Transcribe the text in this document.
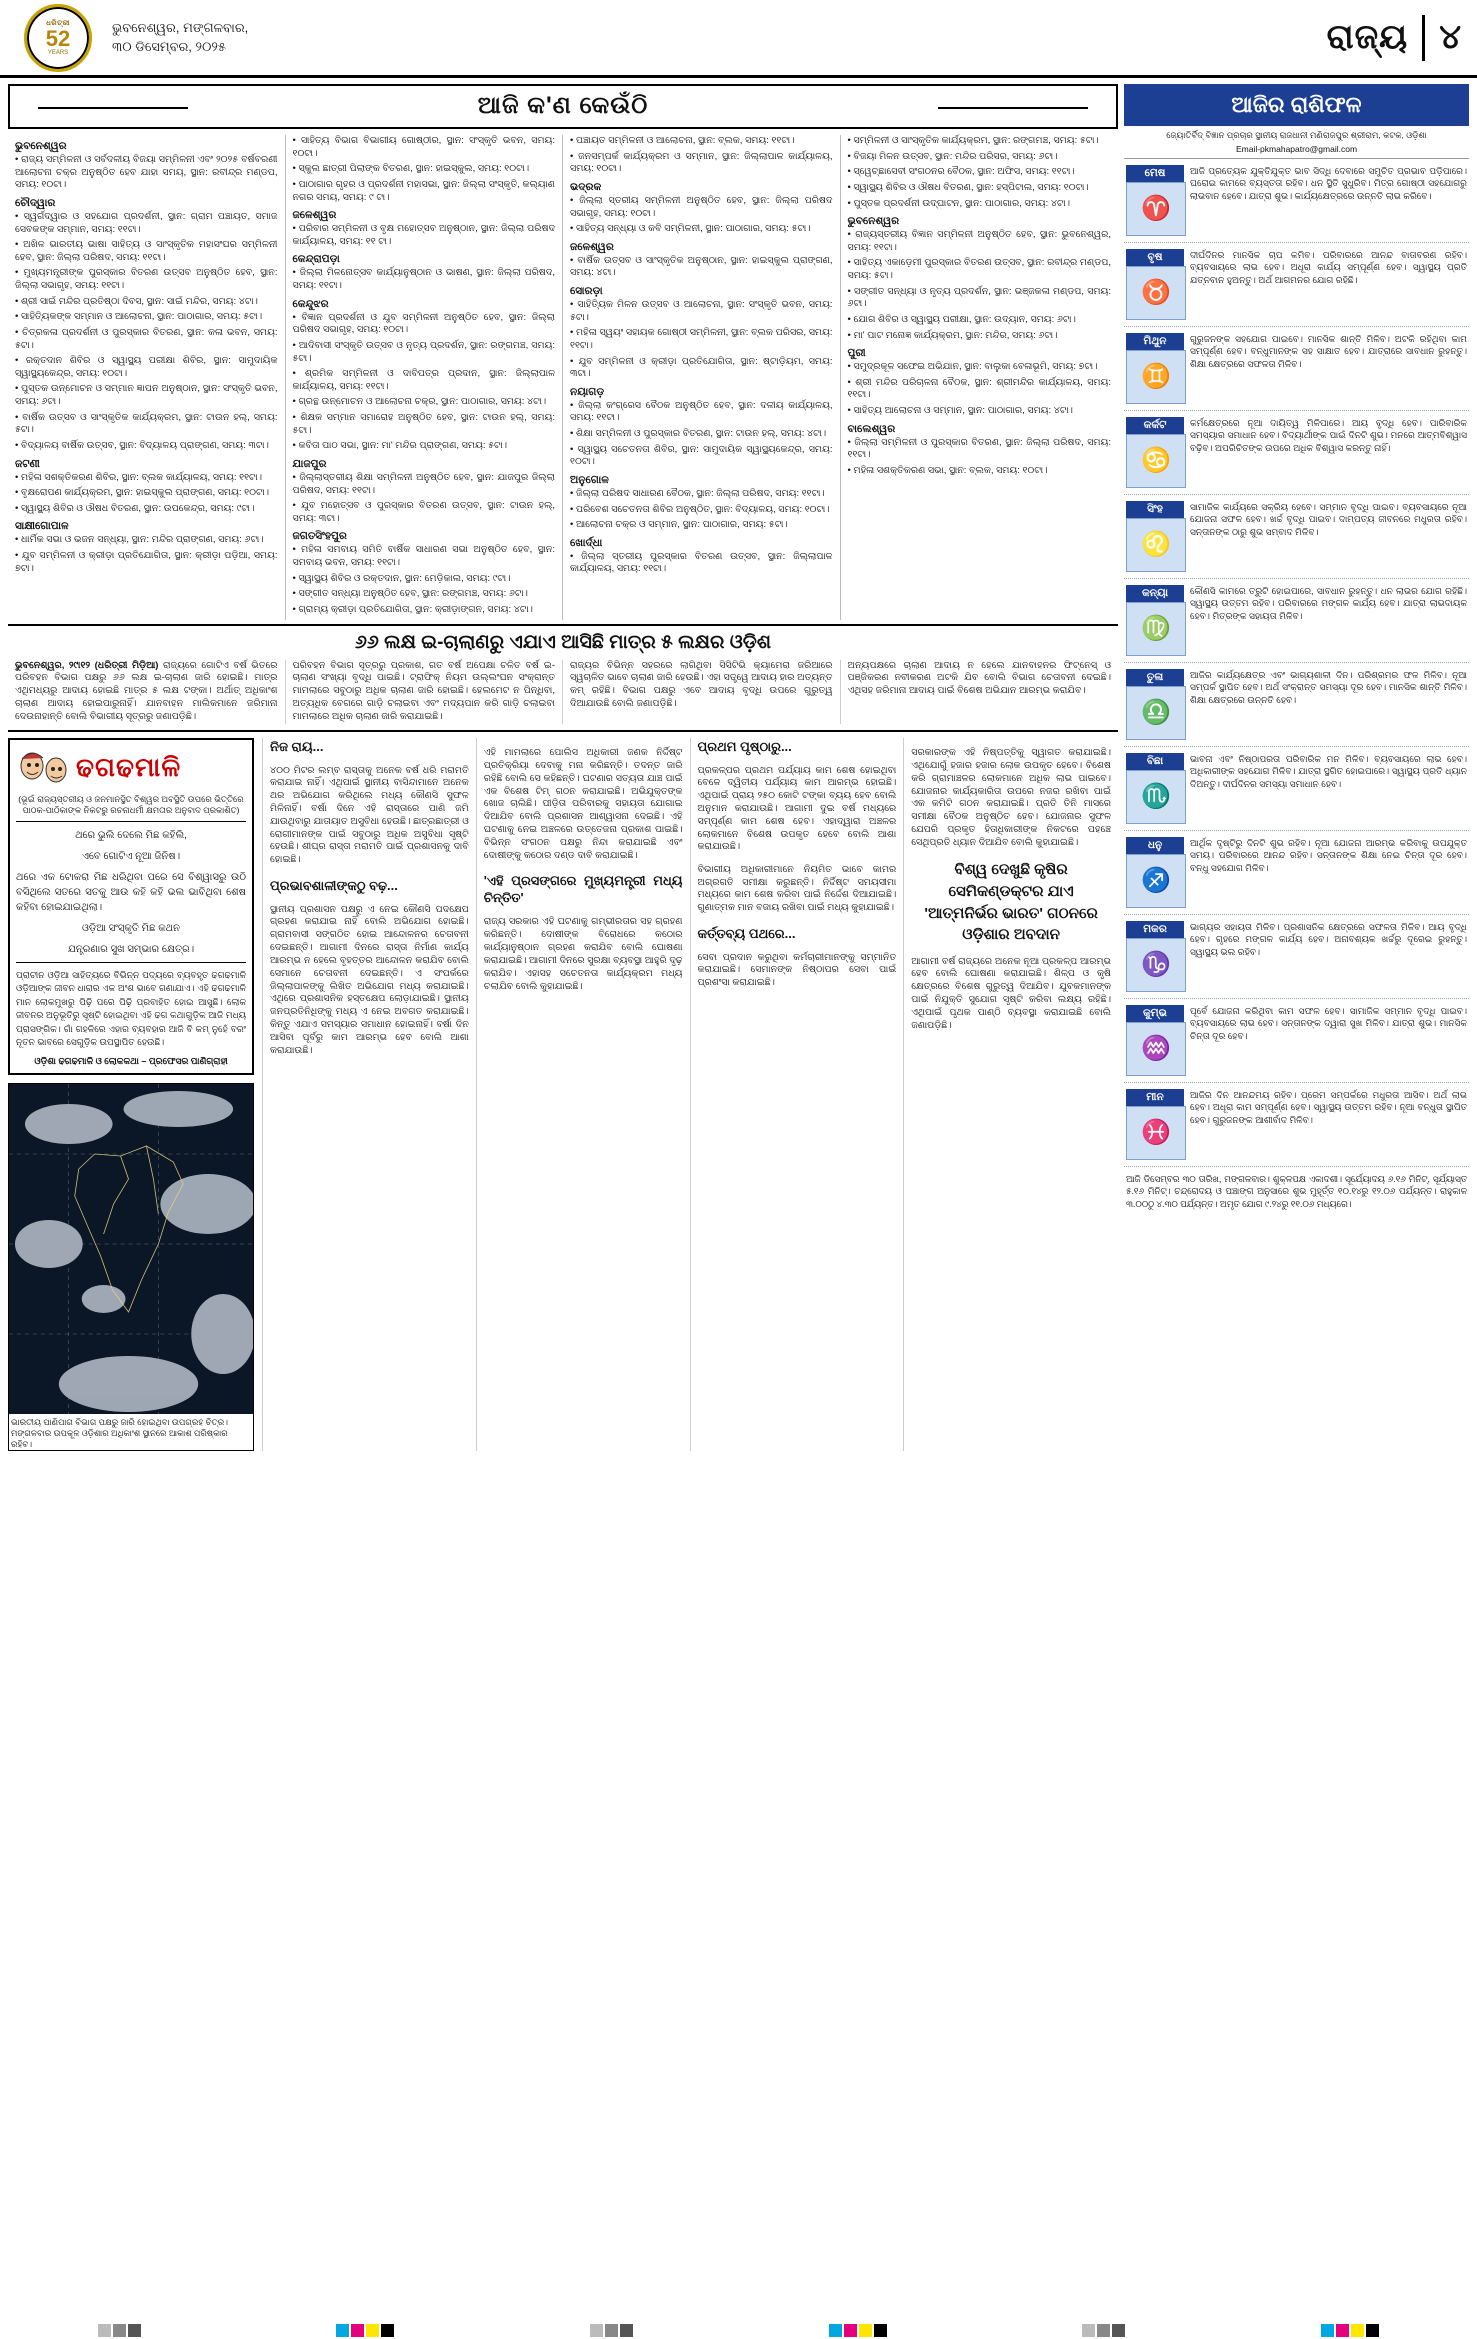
ଧରିତ୍ରୀ
52
YEARS
ଭୁବନେଶ୍ୱର, ମଙ୍ଗଳବାର,
୩୦ ଡିସେମ୍ବର, ୨୦୨୫	ରାଜ୍ୟ ୪
ଆଜି କ'ଣ କେଉଁଠି
ଭୁବନେଶ୍ୱର

• ରାଜ୍ୟ ସମ୍ମିଳନୀ ଓ ସର୍ବଦଳୀୟ ବିଜୟା ସମ୍ମିଳନୀ ଏବଂ ୨୦୨୫ ବର୍ଷବରଣୀ ଆଲୋଚନା ଚକ୍ର ଅନୁଷ୍ଠିତ ହେବ ଯାହା ସମୟ, ସ୍ଥାନ: ରବୀନ୍ଦ୍ର ମଣ୍ଡପ, ସମୟ: ୧୦ଟା।

ଚୌଦ୍ୱାର

• ସ୍ୱର୍ଗଦ୍ୱାର ଓ ସହଯୋଗ ପ୍ରଦର୍ଶନୀ, ସ୍ଥାନ: ଗ୍ରାମ ପଞ୍ଚାୟତ, ସମାଜ ସେବକଙ୍କ ସମ୍ମାନ, ସମୟ: ୧୧ଟା।

• ଅଖିଳ ଭାରତୀୟ ଭାଷା ସାହିତ୍ୟ ଓ ସାଂସ୍କୃତିକ ମହାସଂଘର ସମ୍ମିଳନୀ ହେବ, ସ୍ଥାନ: ଜିଲ୍ଲା ପରିଷଦ, ସମୟ: ୧୧ଟା।

• ମୁଖ୍ୟମନ୍ତ୍ରୀଙ୍କ ପୁରସ୍କାର ବିତରଣ ଉତ୍ସବ ଅନୁଷ୍ଠିତ ହେବ, ସ୍ଥାନ: ଜିଲ୍ଲା ସଭାଗୃହ, ସମୟ: ୧୧ଟା।

• ଶ୍ରୀ ସାଇଁ ମନ୍ଦିର ପ୍ରତିଷ୍ଠା ଦିବସ, ସ୍ଥାନ: ସାଇଁ ମନ୍ଦିର, ସମୟ: ୪ଟା।

• ସାହିତ୍ୟିକଙ୍କ ସମ୍ମାନ ଓ ଆଲୋଚନା, ସ୍ଥାନ: ପାଠାଗାର, ସମୟ: ୫ଟା।

• ଚିତ୍ରକଳା ପ୍ରଦର୍ଶନୀ ଓ ପୁରସ୍କାର ବିତରଣ, ସ୍ଥାନ: କଳା ଭବନ, ସମୟ: ୫ଟା।

• ରକ୍ତଦାନ ଶିବିର ଓ ସ୍ୱାସ୍ଥ୍ୟ ପରୀକ୍ଷା ଶିବିର, ସ୍ଥାନ: ସାମୁଦାୟିକ ସ୍ୱାସ୍ଥ୍ୟକେନ୍ଦ୍ର, ସମୟ: ୧୦ଟା।

• ପୁସ୍ତକ ଉନ୍ମୋଚନ ଓ ସମ୍ମାନ ଜ୍ଞାପନ ଅନୁଷ୍ଠାନ, ସ୍ଥାନ: ସଂସ୍କୃତି ଭବନ, ସମୟ: ୬ଟା।

• ବାର୍ଷିକ ଉତ୍ସବ ଓ ସାଂସ୍କୃତିକ କାର୍ଯ୍ୟକ୍ରମ, ସ୍ଥାନ: ଟାଉନ ହଲ୍, ସମୟ: ୫ଟା।

• ବିଦ୍ୟାଳୟ ବାର୍ଷିକ ଉତ୍ସବ, ସ୍ଥାନ: ବିଦ୍ୟାଳୟ ପ୍ରାଙ୍ଗଣ, ସମୟ: ୩ଟା।

ଜଟଣୀ

• ମହିଳା ସଶକ୍ତିକରଣ ଶିବିର, ସ୍ଥାନ: ବ୍ଲକ କାର୍ଯ୍ୟାଳୟ, ସମୟ: ୧୧ଟା।

• ବୃକ୍ଷରୋପଣ କାର୍ଯ୍ୟକ୍ରମ, ସ୍ଥାନ: ହାଇସ୍କୁଲ ପ୍ରାଙ୍ଗଣ, ସମୟ: ୧୦ଟା।

• ସ୍ୱାସ୍ଥ୍ୟ ଶିବିର ଓ ଔଷଧ ବିତରଣ, ସ୍ଥାନ: ଉପକେନ୍ଦ୍ର, ସମୟ: ୯ଟା।

ସାକ୍ଷୀଗୋପାଳ

• ଧାର୍ମିକ ସଭା ଓ ଭଜନ ସନ୍ଧ୍ୟା, ସ୍ଥାନ: ମନ୍ଦିର ପ୍ରାଙ୍ଗଣ, ସମୟ: ୬ଟା।

• ଯୁବ ସମ୍ମିଳନୀ ଓ କ୍ରୀଡ଼ା ପ୍ରତିଯୋଗିତା, ସ୍ଥାନ: କ୍ରୀଡ଼ା ପଡ଼ିଆ, ସମୟ: ୭ଟା।

• ସାହିତ୍ୟ ବିଭାଗ ବିଭାଗୀୟ ଗୋଷ୍ଠୀର, ସ୍ଥାନ: ସଂସ୍କୃତି ଭବନ, ସମୟ: ୧୦ଟା।

• ସ୍କୁଲ ଛାତ୍ରୀ ପିଲାଙ୍କ ବିତରଣ, ସ୍ଥାନ: ହାଇସ୍କୁଲ, ସମୟ: ୧୦ଟା।

• ପାଠାଗାର ଗୃହର ଓ ପ୍ରଦର୍ଶନୀ ମହାସଭା, ସ୍ଥାନ: ଜିଲ୍ଲା ସଂସ୍କୃତି, କଲ୍ୟାଣ ନଗର ସମୟ, ସମୟ: ୯ ଟା।

ଜଳେଶ୍ୱର

• ପରିବାର ସମ୍ମିଳନୀ ଓ ବୃକ୍ଷ ମହୋତ୍ସବ ଅନୁଷ୍ଠାନ, ସ୍ଥାନ: ଜିଲ୍ଲା ପରିଷଦ କାର୍ଯ୍ୟାଳୟ, ସମୟ: ୧୧ ଟା।

କେନ୍ଦ୍ରାପଡ଼ା

• ଜିଲ୍ଲା ମିଳନୋତ୍ସବ କାର୍ଯ୍ୟାନୁଷ୍ଠାନ ଓ ଭାଷଣ, ସ୍ଥାନ: ଜିଲ୍ଲା ପରିଷଦ, ସମୟ: ୧୧ଟା।

କେନ୍ଦୁଝର

• ବିଜ୍ଞାନ ପ୍ରଦର୍ଶନୀ ଓ ଯୁବ ସମ୍ମିଳନୀ ଅନୁଷ୍ଠିତ ହେବ, ସ୍ଥାନ: ଜିଲ୍ଲା ପରିଷଦ ସଭାଗୃହ, ସମୟ: ୧୦ଟା।

• ଆଦିବାସୀ ସଂସ୍କୃତି ଉତ୍ସବ ଓ ନୃତ୍ୟ ପ୍ରଦର୍ଶନ, ସ୍ଥାନ: ରଙ୍ଗମଞ୍ଚ, ସମୟ: ୫ଟା।

• ଶ୍ରମିକ ସମ୍ମିଳନୀ ଓ ଦାବିପତ୍ର ପ୍ରଦାନ, ସ୍ଥାନ: ଜିଲ୍ଲାପାଳ କାର୍ଯ୍ୟାଳୟ, ସମୟ: ୧୧ଟା।

• ଗ୍ରନ୍ଥ ଉନ୍ମୋଚନ ଓ ଆଲୋଚନା ଚକ୍ର, ସ୍ଥାନ: ପାଠାଗାର, ସମୟ: ୪ଟା।

• ଶିକ୍ଷକ ସମ୍ମାନ ସମାରୋହ ଅନୁଷ୍ଠିତ ହେବ, ସ୍ଥାନ: ଟାଉନ ହଲ୍, ସମୟ: ୫ଟା।

• କବିତା ପାଠ ସଭା, ସ୍ଥାନ: ମା' ମନ୍ଦିର ପ୍ରାଙ୍ଗଣ, ସମୟ: ୫ଟା।

ଯାଜପୁର

• ଜିଲ୍ଲାସ୍ତରୀୟ ଶିକ୍ଷା ସମ୍ମିଳନୀ ଅନୁଷ୍ଠିତ ହେବ, ସ୍ଥାନ: ଯାଜପୁର ଜିଲ୍ଲା ପରିଷଦ, ସମୟ: ୧୧ଟା।

• ଯୁବ ମହୋତ୍ସବ ଓ ପୁରସ୍କାର ବିତରଣ ଉତ୍ସବ, ସ୍ଥାନ: ଟାଉନ ହଲ୍, ସମୟ: ୩ଟା।

ଜଗତସିଂହପୁର

• ମହିଳା ସମବାୟ ସମିତି ବାର୍ଷିକ ସାଧାରଣ ସଭା ଅନୁଷ୍ଠିତ ହେବ, ସ୍ଥାନ: ସମବାୟ ଭବନ, ସମୟ: ୧୧ଟା।

• ସ୍ୱାସ୍ଥ୍ୟ ଶିବିର ଓ ରକ୍ତଦାନ, ସ୍ଥାନ: ମେଡ଼ିକାଲ, ସମୟ: ୯ଟା।

• ସଙ୍ଗୀତ ସନ୍ଧ୍ୟା ଅନୁଷ୍ଠିତ ହେବ, ସ୍ଥାନ: ରଙ୍ଗମଞ୍ଚ, ସମୟ: ୬ଟା।

• ଗ୍ରାମ୍ୟ କ୍ରୀଡ଼ା ପ୍ରତିଯୋଗିତା, ସ୍ଥାନ: କ୍ରୀଡ଼ାଙ୍ଗନ, ସମୟ: ୪ଟା।

• ପଞ୍ଚାୟତ ସମ୍ମିଳନୀ ଓ ଆଲୋଚନା, ସ୍ଥାନ: ବ୍ଲକ, ସମୟ: ୧୧ଟା।

• ଜନସମ୍ପର୍କ କାର୍ଯ୍ୟକ୍ରମ ଓ ସମ୍ମାନ, ସ୍ଥାନ: ଜିଲ୍ଲାପାଳ କାର୍ଯ୍ୟାଳୟ, ସମୟ: ୧୦ଟା।

ଭଦ୍ରକ

• ଜିଲ୍ଲା ସ୍ତରୀୟ ସମ୍ମିଳନୀ ଅନୁଷ୍ଠିତ ହେବ, ସ୍ଥାନ: ଜିଲ୍ଲା ପରିଷଦ ସଭାଗୃହ, ସମୟ: ୧୦ଟା।

• ସାହିତ୍ୟ ସନ୍ଧ୍ୟା ଓ କବି ସମ୍ମିଳନୀ, ସ୍ଥାନ: ପାଠାଗାର, ସମୟ: ୫ଟା।

ଜଳେଶ୍ୱର

• ବାର୍ଷିକ ଉତ୍ସବ ଓ ସାଂସ୍କୃତିକ ଅନୁଷ୍ଠାନ, ସ୍ଥାନ: ହାଇସ୍କୁଲ ପ୍ରାଙ୍ଗଣ, ସମୟ: ୪ଟା।

ସୋରଡ଼ା

• ସାହିତ୍ୟିକ ମିଳନ ଉତ୍ସବ ଓ ଆଲୋଚନା, ସ୍ଥାନ: ସଂସ୍କୃତି ଭବନ, ସମୟ: ୫ଟା।

• ମହିଳା ସ୍ୱୟଂ ସହାୟକ ଗୋଷ୍ଠୀ ସମ୍ମିଳନୀ, ସ୍ଥାନ: ବ୍ଲକ ପରିସର, ସମୟ: ୧୧ଟା।

• ଯୁବ ସମ୍ମିଳନୀ ଓ କ୍ରୀଡ଼ା ପ୍ରତିଯୋଗିତା, ସ୍ଥାନ: ଷ୍ଟାଡ଼ିୟମ, ସମୟ: ୩ଟା।

ନୟାଗଡ଼

• ଜିଲ୍ଲା କଂଗ୍ରେସ ବୈଠକ ଅନୁଷ୍ଠିତ ହେବ, ସ୍ଥାନ: ଦଳୀୟ କାର୍ଯ୍ୟାଳୟ, ସମୟ: ୧୧ଟା।

• ଶିକ୍ଷା ସମ୍ମିଳନୀ ଓ ପୁରସ୍କାର ବିତରଣ, ସ୍ଥାନ: ଟାଉନ ହଲ୍, ସମୟ: ୪ଟା।

• ସ୍ୱାସ୍ଥ୍ୟ ସଚେତନତା ଶିବିର, ସ୍ଥାନ: ସାମୁଦାୟିକ ସ୍ୱାସ୍ଥ୍ୟକେନ୍ଦ୍ର, ସମୟ: ୧୦ଟା।

ଅନୁଗୋଳ

• ଜିଲ୍ଲା ପରିଷଦ ସାଧାରଣ ବୈଠକ, ସ୍ଥାନ: ଜିଲ୍ଲା ପରିଷଦ, ସମୟ: ୧୧ଟା।

• ପରିବେଶ ସଚେତନତା ଶିବିର ଅନୁଷ୍ଠିତ, ସ୍ଥାନ: ବିଦ୍ୟାଳୟ, ସମୟ: ୧୦ଟା।

• ଆଲୋଚନା ଚକ୍ର ଓ ସମ୍ମାନ, ସ୍ଥାନ: ପାଠାଗାର, ସମୟ: ୫ଟା।

ଖୋର୍ଦ୍ଧା

• ଜିଲ୍ଲା ସ୍ତରୀୟ ପୁରସ୍କାର ବିତରଣ ଉତ୍ସବ, ସ୍ଥାନ: ଜିଲ୍ଲାପାଳ କାର୍ଯ୍ୟାଳୟ, ସମୟ: ୧୧ଟା।

• ସମ୍ମିଳନୀ ଓ ସାଂସ୍କୃତିକ କାର୍ଯ୍ୟକ୍ରମ, ସ୍ଥାନ: ରଙ୍ଗମଞ୍ଚ, ସମୟ: ୫ଟା।

• ବିଜୟା ମିଳନ ଉତ୍ସବ, ସ୍ଥାନ: ମନ୍ଦିର ପରିସର, ସମୟ: ୬ଟା।

• ସ୍ୱେଚ୍ଛାସେବୀ ସଂଗଠନର ବୈଠକ, ସ୍ଥାନ: ଅଫିସ, ସମୟ: ୧୧ଟା।

• ସ୍ୱାସ୍ଥ୍ୟ ଶିବିର ଓ ଔଷଧ ବିତରଣ, ସ୍ଥାନ: ହସ୍ପିଟାଲ, ସମୟ: ୧୦ଟା।

• ପୁସ୍ତକ ପ୍ରଦର୍ଶନୀ ଉଦ୍‌ଘାଟନ, ସ୍ଥାନ: ପାଠାଗାର, ସମୟ: ୪ଟା।

ଭୁବନେଶ୍ୱର

• ରାଜ୍ୟସ୍ତରୀୟ ବିଜ୍ଞାନ ସମ୍ମିଳନୀ ଅନୁଷ୍ଠିତ ହେବ, ସ୍ଥାନ: ଭୁବନେଶ୍ୱର, ସମୟ: ୧୧ଟା।

• ସାହିତ୍ୟ ଏକାଡ଼େମୀ ପୁରସ୍କାର ବିତରଣ ଉତ୍ସବ, ସ୍ଥାନ: ରବୀନ୍ଦ୍ର ମଣ୍ଡପ, ସମୟ: ୫ଟା।

• ସଙ୍ଗୀତ ସନ୍ଧ୍ୟା ଓ ନୃତ୍ୟ ପ୍ରଦର୍ଶନ, ସ୍ଥାନ: ଭଞ୍ଜକଳା ମଣ୍ଡପ, ସମୟ: ୬ଟା।

• ଯୋଗ ଶିବିର ଓ ସ୍ୱାସ୍ଥ୍ୟ ପରୀକ୍ଷା, ସ୍ଥାନ: ଉଦ୍ୟାନ, ସମୟ: ୬ଟା।

• ମା' ପାଟ ମନୋଜ୍ଞ କାର୍ଯ୍ୟକ୍ରମ, ସ୍ଥାନ: ମନ୍ଦିର, ସମୟ: ୬ଟା।

ପୁରୀ

• ସମୁଦ୍ରକୂଳ ସଫେଇ ଅଭିଯାନ, ସ୍ଥାନ: ବାଲୁକା ବେଳାଭୂମି, ସମୟ: ୭ଟା।

• ଶ୍ରୀ ମନ୍ଦିର ପରିଚାଳନା ବୈଠକ, ସ୍ଥାନ: ଶ୍ରୀମନ୍ଦିର କାର୍ଯ୍ୟାଳୟ, ସମୟ: ୧୧ଟା।

• ସାହିତ୍ୟ ଆଲୋଚନା ଓ ସମ୍ମାନ, ସ୍ଥାନ: ପାଠାଗାର, ସମୟ: ୪ଟା।

ବାଲେଶ୍ୱର

• ଜିଲ୍ଲା ସମ୍ମିଳନୀ ଓ ପୁରସ୍କାର ବିତରଣ, ସ୍ଥାନ: ଜିଲ୍ଲା ପରିଷଦ, ସମୟ: ୧୧ଟା।

• ମହିଳା ସଶକ୍ତିକରଣ ସଭା, ସ୍ଥାନ: ବ୍ଲକ, ସମୟ: ୧୦ଟା।

୬୬ ଲକ୍ଷ ଇ-ଚାଲାଣରୁ ଏଯାଏ ଆସିଛି ମାତ୍ର ୫ ଲକ୍ଷର ଓଡ଼ିଶ
ଭୁବନେଶ୍ୱର, ୨୯ା୧୨ (ଧରିତ୍ରୀ ମିଡ଼ିଆ) ରାଜ୍ୟରେ ଗୋଟିଏ ବର୍ଷ ଭିତରେ ପରିବହନ ବିଭାଗ ପକ୍ଷରୁ ୬୬ ଲକ୍ଷ ଇ-ଚାଲାଣ ଜାରି ହୋଇଛି। ମାତ୍ର ଏଥିମଧ୍ୟରୁ ଆଦାୟ ହୋଇଛି ମାତ୍ର ୫ ଲକ୍ଷ ଟଙ୍କା। ଅର୍ଥାତ୍ ଅଧିକାଂଶ ଚାଲାଣ ଆଦାୟ ହୋଇପାରୁନାହିଁ। ଯାନବାହନ ମାଲିକମାନେ ଜରିମାନା ଦେଉନାହାନ୍ତି ବୋଲି ବିଭାଗୀୟ ସୂତ୍ରରୁ ଜଣାପଡ଼ିଛି।
ପରିବହନ ବିଭାଗ ସୂତ୍ରରୁ ପ୍ରକାଶ, ଗତ ବର୍ଷ ଅପେକ୍ଷା ଚଳିତ ବର୍ଷ ଇ-ଚାଲାଣ ସଂଖ୍ୟା ବୃଦ୍ଧି ପାଇଛି। ଟ୍ରାଫିକ୍ ନିୟମ ଉଲ୍ଲଂଘନ ସଂକ୍ରାନ୍ତ ମାମଲାରେ ସବୁଠାରୁ ଅଧିକ ଚାଲାଣ ଜାରି ହୋଇଛି। ହେଲମେଟ ନ ପିନ୍ଧିବା, ଅତ୍ୟଧିକ ବେଗରେ ଗାଡ଼ି ଚଲାଇବା ଏବଂ ମଦ୍ୟପାନ କରି ଗାଡ଼ି ଚଲାଇବା ମାମଲାରେ ଅଧିକ ଚାଲାଣ ଜାରି କରାଯାଇଛି।
ରାଜ୍ୟର ବିଭିନ୍ନ ସହରରେ ଲାଗିଥିବା ସିସିଟିଭି କ୍ୟାମେରା ଜରିଆରେ ସ୍ୱଚାଳିତ ଭାବେ ଚାଲାଣ ଜାରି ହେଉଛି। ଏହା ସତ୍ତ୍ୱେ ଆଦାୟ ହାର ଅତ୍ୟନ୍ତ କମ୍ ରହିଛି। ବିଭାଗ ପକ୍ଷରୁ ଏବେ ଆଦାୟ ବୃଦ୍ଧି ଉପରେ ଗୁରୁତ୍ୱ ଦିଆଯାଉଛି ବୋଲି ଜଣାପଡ଼ିଛି।
ଅନ୍ୟପକ୍ଷରେ ଚାଲାଣ ଆଦାୟ ନ ହେଲେ ଯାନବାହନର ଫିଟ୍‌ନେସ୍ ଓ ପଞ୍ଜିକରଣ ନବୀକରଣ ଅଟକି ଯିବ ବୋଲି ବିଭାଗ ଚେତାବନୀ ଦେଇଛି। ଏଥିସହ ଜରିମାନା ଆଦାୟ ପାଇଁ ବିଶେଷ ଅଭିଯାନ ଆରମ୍ଭ କରାଯିବ।
ଢଗଢମାଳି
(ଭୂଇଁ ରାଜ୍ୟସ୍ତରୀୟ ଓ ଜନମାନସ୍ଥିତ ବିଶ୍ୱର ଅବସ୍ଥିତି ଉପରେ ଭିତ୍ତିରେ ପାଠକ-ପାଠିକାଙ୍କ ନିକଟରୁ ରଚନାଧର୍ମୀ କ୍ଷମତାର ଅନୁବାଦ ପ୍ରକାଶିତ)
ଥରେ ଭୁଲି ଦେଲେ ମିଛ କହିଲି,
ଏବେ ଗୋଟିଏ ନୂଆ ଜିନିଷ।
ଥରେ ଏକ ଟୋକରା ମିଛ ଧରିଥିବା ପରେ ସେ ବିଶ୍ୱାସରୁ ଉଠି ବସିଥିଲେ ସତରେ ସତକୁ ଆଉ କହି କହି ଭଲ ଭାବିଥିବା ଶେଷ କହିବା ହୋଇଯାଇଥିଲା।
ଓଡ଼ିଆ ସଂସ୍କୃତି ମିଛ କଥନ
ଯନ୍ତ୍ରଣାର ସୁଖ ସମ୍ଭାର କ୍ଷେତ୍ର।
ପ୍ରାଚୀନ ଓଡ଼ିଆ ସାହିତ୍ୟରେ ବିଭିନ୍ନ ପଦ୍ୟରେ ବ୍ୟବହୃତ ଢଗଢମାଳି ଓଡ଼ିଆଙ୍କ ଜୀବନ ଧାରାର ଏକ ଅଂଶ ଭାବେ ଗଣାଯାଏ। ଏହି ଢଗଢମାଳି ମାନ ଲୋକମୁଖରୁ ପିଢ଼ି ପରେ ପିଢ଼ି ପ୍ରବାହିତ ହୋଇ ଆସୁଛି। ଲୋକ ଜୀବନର ଅନୁଭୂତିରୁ ସୃଷ୍ଟି ହୋଇଥିବା ଏହି ଢଗ କଥାଗୁଡ଼ିକ ଆଜି ମଧ୍ୟ ପ୍ରାସଙ୍ଗିକ। ଗାଁ ଗହଳିରେ ଏହାର ବ୍ୟବହାର ଆଜି ବି କମ୍ ନୁହେଁ ବରଂ ନୂତନ ଭାବରେ ସେଗୁଡ଼ିକ ଉପସ୍ଥାପିତ ହେଉଛି।
ଓଡ଼ିଶା ଢଗଢମାଳି ଓ ଲୋକକଥା – ପ୍ରଫେସର ପାଣିଗ୍ରାହୀ
ଭାରତୀୟ ପାଣିପାଗ ବିଭାଗ ପକ୍ଷରୁ ଜାରି ହୋଇଥିବା ଉପଗ୍ରହ ଚିତ୍ର। ମଙ୍ଗଳବାର ଉପକୂଳ ଓଡ଼ିଶାର ଅଧିକାଂଶ ସ୍ଥାନରେ ଆକାଶ ପରିଷ୍କାର ରହିବ।
ନିଜ ରାୟ...

୪୦୦ ମିଟର ଲମ୍ବ ରାସ୍ତାକୁ ଅନେକ ବର୍ଷ ଧରି ମରାମତି କରାଯାଇ ନାହିଁ। ଏଥିପାଇଁ ସ୍ଥାନୀୟ ବାସିନ୍ଦାମାନେ ଅନେକ ଥର ଅଭିଯୋଗ କରିଥିଲେ ମଧ୍ୟ କୌଣସି ସୁଫଳ ମିଳିନାହିଁ। ବର୍ଷା ଦିନେ ଏହି ରାସ୍ତାରେ ପାଣି ଜମି ଯାଉଥିବାରୁ ଯାତାୟାତ ଅସୁବିଧା ହେଉଛି। ଛାତ୍ରଛାତ୍ରୀ ଓ ରୋଗୀମାନଙ୍କ ପାଇଁ ସବୁଠାରୁ ଅଧିକ ଅସୁବିଧା ସୃଷ୍ଟି ହେଉଛି। ଶୀଘ୍ର ରାସ୍ତା ମରାମତି ପାଇଁ ପ୍ରଶାସନକୁ ଦାବି ହୋଇଛି।

ପ୍ରଭାବଶାଳୀଙ୍କଠୁ ବଢ଼...

ସ୍ଥାନୀୟ ପ୍ରଶାସନ ପକ୍ଷରୁ ଏ ନେଇ କୌଣସି ପଦକ୍ଷେପ ଗ୍ରହଣ କରାଯାଇ ନାହିଁ ବୋଲି ଅଭିଯୋଗ ହୋଇଛି। ଗ୍ରାମବାସୀ ସଙ୍ଗଠିତ ହୋଇ ଆନ୍ଦୋଳନର ଚେତାବନୀ ଦେଇଛନ୍ତି। ଆଗାମୀ ଦିନରେ ରାସ୍ତା ନିର୍ମାଣ କାର୍ଯ୍ୟ ଆରମ୍ଭ ନ ହେଲେ ବୃହତ୍ତର ଆନ୍ଦୋଳନ କରାଯିବ ବୋଲି ସେମାନେ ଚେତାବନୀ ଦେଇଛନ୍ତି। ଏ ସଂପର୍କରେ ଜିଲ୍ଲାପାଳଙ୍କୁ ଲିଖିତ ଅଭିଯୋଗ ମଧ୍ୟ କରାଯାଇଛି। ଏଥିରେ ପ୍ରଶାସନିକ ହସ୍ତକ୍ଷେପ ଲୋଡ଼ାଯାଇଛି। ସ୍ଥାନୀୟ ଜନପ୍ରତିନିଧିଙ୍କୁ ମଧ୍ୟ ଏ ନେଇ ଅବଗତ କରାଯାଇଛି। କିନ୍ତୁ ଏଯାଏ ସମସ୍ୟାର ସମାଧାନ ହୋଇନାହିଁ। ବର୍ଷା ଦିନ ଆସିବା ପୂର୍ବରୁ କାମ ଆରମ୍ଭ ହେବ ବୋଲି ଆଶା କରାଯାଉଛି।

ଏହି ମାମଲାରେ ପୋଲିସ ଅଧିକାରୀ ଜଣକ ନିର୍ଦ୍ଦିଷ୍ଟ ପ୍ରତିକ୍ରିୟା ଦେବାକୁ ମନା କରିଛନ୍ତି। ତଦନ୍ତ ଜାରି ରହିଛି ବୋଲି ସେ କହିଛନ୍ତି। ଘଟଣାର ସତ୍ୟତା ଯାଞ୍ଚ ପାଇଁ ଏକ ବିଶେଷ ଟିମ୍ ଗଠନ କରାଯାଇଛି। ଅଭିଯୁକ୍ତଙ୍କ ଖୋଜ ଚାଲିଛି। ପୀଡ଼ିତା ପରିବାରକୁ ସହାୟତା ଯୋଗାଇ ଦିଆଯିବ ବୋଲି ପ୍ରଶାସନ ଆଶ୍ୱାସନା ଦେଇଛି। ଏହି ଘଟଣାକୁ ନେଇ ଅଞ୍ଚଳରେ ଉତ୍ତେଜନା ପ୍ରକାଶ ପାଇଛି। ବିଭିନ୍ନ ସଂଗଠନ ପକ୍ଷରୁ ନିନ୍ଦା କରାଯାଇଛି ଏବଂ ଦୋଷୀଙ୍କୁ କଠୋର ଦଣ୍ଡ ଦାବି କରାଯାଇଛି।

'ଏହି ପ୍ରସଙ୍ଗରେ ମୁଖ୍ୟମନ୍ତ୍ରୀ ମଧ୍ୟ ଚିନ୍ତିତ'

ରାଜ୍ୟ ସରକାର ଏହି ଘଟଣାକୁ ଗମ୍ଭୀରତାର ସହ ଗ୍ରହଣ କରିଛନ୍ତି। ଦୋଷୀଙ୍କ ବିରୋଧରେ କଠୋର କାର୍ଯ୍ୟାନୁଷ୍ଠାନ ଗ୍ରହଣ କରାଯିବ ବୋଲି ଘୋଷଣା କରାଯାଇଛି। ଆଗାମୀ ଦିନରେ ସୁରକ୍ଷା ବ୍ୟବସ୍ଥା ଆହୁରି ଦୃଢ଼ କରାଯିବ। ଏହାସହ ସଚେତନତା କାର୍ଯ୍ୟକ୍ରମ ମଧ୍ୟ ଚଲାଯିବ ବୋଲି କୁହାଯାଇଛି।

ପ୍ରଥମ ପୃଷ୍ଠାରୁ...

ପ୍ରକଳ୍ପର ପ୍ରଥମ ପର୍ଯ୍ୟାୟ କାମ ଶେଷ ହୋଇଥିବା ବେଳେ ଦ୍ୱିତୀୟ ପର୍ଯ୍ୟାୟ କାମ ଆରମ୍ଭ ହୋଇଛି। ଏଥିପାଇଁ ପ୍ରାୟ ୨୫୦ କୋଟି ଟଙ୍କା ବ୍ୟୟ ହେବ ବୋଲି ଅନୁମାନ କରାଯାଉଛି। ଆଗାମୀ ଦୁଇ ବର୍ଷ ମଧ୍ୟରେ ସମ୍ପୂର୍ଣ୍ଣ କାମ ଶେଷ ହେବ। ଏହାଦ୍ୱାରା ଅଞ୍ଚଳର ଲୋକମାନେ ବିଶେଷ ଉପକୃତ ହେବେ ବୋଲି ଆଶା କରାଯାଉଛି।

ବିଭାଗୀୟ ଅଧିକାରୀମାନେ ନିୟମିତ ଭାବେ କାମର ଅଗ୍ରଗତି ସମୀକ୍ଷା କରୁଛନ୍ତି। ନିର୍ଦ୍ଦିଷ୍ଟ ସମୟସୀମା ମଧ୍ୟରେ କାମ ଶେଷ କରିବା ପାଇଁ ନିର୍ଦ୍ଦେଶ ଦିଆଯାଇଛି। ଗୁଣାତ୍ମକ ମାନ ବଜାୟ ରଖିବା ପାଇଁ ମଧ୍ୟ କୁହାଯାଇଛି।

କର୍ତ୍ତବ୍ୟ ପଥରେ...

ସେବା ପ୍ରଦାନ କରୁଥିବା କର୍ମଚାରୀମାନଙ୍କୁ ସମ୍ମାନିତ କରାଯାଇଛି। ସେମାନଙ୍କ ନିଷ୍ଠାପର ସେବା ପାଇଁ ପ୍ରଶଂସା କରାଯାଇଛି।

ସରକାରଙ୍କ ଏହି ନିଷ୍ପତ୍ତିକୁ ସ୍ୱାଗତ କରାଯାଇଛି। ଏଥିଯୋଗୁଁ ହଜାର ହଜାର ଲୋକ ଉପକୃତ ହେବେ। ବିଶେଷ କରି ଗ୍ରାମାଞ୍ଚଳର ଲୋକମାନେ ଅଧିକ ଲାଭ ପାଇବେ। ଯୋଜନାର କାର୍ଯ୍ୟକାରିତା ଉପରେ ନଜର ରଖିବା ପାଇଁ ଏକ କମିଟି ଗଠନ କରାଯାଇଛି। ପ୍ରତି ତିନି ମାସରେ ସମୀକ୍ଷା ବୈଠକ ଅନୁଷ୍ଠିତ ହେବ। ଯୋଜନାର ସୁଫଳ ଯେପରି ପ୍ରକୃତ ହିତାଧିକାରୀଙ୍କ ନିକଟରେ ପହଞ୍ଚେ ସେଥିପ୍ରତି ଧ୍ୟାନ ଦିଆଯିବ ବୋଲି କୁହାଯାଇଛି।

ବିଶ୍ୱ ଦେଖୁଛି କୃଷିର ସେମିକଣ୍ଡକ୍ଟର ଯାଏ 'ଆତ୍ମନିର୍ଭର ଭାରତ' ଗଠନରେ ଓଡ଼ିଶାର ଅବଦାନ

ଆଗାମୀ ବର୍ଷ ରାଜ୍ୟରେ ଅନେକ ନୂଆ ପ୍ରକଳ୍ପ ଆରମ୍ଭ ହେବ ବୋଲି ଘୋଷଣା କରାଯାଇଛି। ଶିଳ୍ପ ଓ କୃଷି କ୍ଷେତ୍ରରେ ବିଶେଷ ଗୁରୁତ୍ୱ ଦିଆଯିବ। ଯୁବକମାନଙ୍କ ପାଇଁ ନିଯୁକ୍ତି ସୁଯୋଗ ସୃଷ୍ଟି କରିବା ଲକ୍ଷ୍ୟ ରହିଛି। ଏଥିପାଇଁ ପୃଥକ ପାଣ୍ଠି ବ୍ୟବସ୍ଥା କରାଯାଇଛି ବୋଲି ଜଣାପଡ଼ିଛି।

ଆଜିର ରାଶିଫଳ
ଜ୍ୟୋତିର୍ବିଦ୍ ବିଜ୍ଞାନ ପ୍ରଚାର ସ୍ଥାନୀୟ ରାଜଧାନୀ ମଣିରାଜପୁର ଶ୍ରୀରାମ, କଟକ, ଓଡ଼ିଶା
Email-pkmahapatro@gmail.com
ମେଷ
♈
ଆଜି ପ୍ରତ୍ୟେକ ଯୁକ୍ତିଯୁକ୍ତ ଭାବ ସିଦ୍ଧି ଦେବାରେ ସମୁଚିତ ପ୍ରଭାବ ପଡ଼ିପାରେ। ଘରୋଇ କାମରେ ବ୍ୟସ୍ତତା ରହିବ। ଧନ ସ୍ଥିତି ସୁଧୁରିବ। ମିତ୍ର ଗୋଷ୍ଠୀ ସହଯୋଗରୁ ଲାଭବାନ ହେବେ। ଯାତ୍ରା ଶୁଭ। କାର୍ଯ୍ୟକ୍ଷେତ୍ରରେ ଉନ୍ନତି ଲାଭ କରିବେ।
ବୃଷ
♉
ଦୀର୍ଘଦିନର ମାନସିକ ଚାପ କମିବ। ପରିବାରରେ ଆନନ୍ଦ ବାତାବରଣ ରହିବ। ବ୍ୟବସାୟରେ ଲାଭ ହେବ। ଅଧୂରା କାର୍ଯ୍ୟ ସମ୍ପୂର୍ଣ୍ଣ ହେବ। ସ୍ୱାସ୍ଥ୍ୟ ପ୍ରତି ଯତ୍ନବାନ ହୁଅନ୍ତୁ। ଅର୍ଥ ଆଗମନର ଯୋଗ ରହିଛି।
ମିଥୁନ
♊
ଗୁରୁଜନଙ୍କ ସହଯୋଗ ପାଇବେ। ମାନସିକ ଶାନ୍ତି ମିଳିବ। ଅଟକି ରହିଥିବା କାମ ସମ୍ପୂର୍ଣ୍ଣ ହେବ। ବନ୍ଧୁମାନଙ୍କ ସହ ସାକ୍ଷାତ ହେବ। ଯାତ୍ରାରେ ସାବଧାନ ରୁହନ୍ତୁ। ଶିକ୍ଷା କ୍ଷେତ୍ରରେ ସଫଳତା ମିଳିବ।
କର୍କଟ
♋
କର୍ମକ୍ଷେତ୍ରରେ ନୂଆ ଦାୟିତ୍ୱ ମିଳିପାରେ। ଆୟ ବୃଦ୍ଧି ହେବ। ପାରିବାରିକ ସମସ୍ୟାର ସମାଧାନ ହେବ। ବିଦ୍ୟାର୍ଥୀଙ୍କ ପାଇଁ ଦିନଟି ଶୁଭ। ମନରେ ଆତ୍ମବିଶ୍ୱାସ ବଢ଼ିବ। ଅପରିଚିତଙ୍କ ଉପରେ ଅଧିକ ବିଶ୍ୱାସ କରନ୍ତୁ ନାହିଁ।
ସିଂହ
♌
ସାମାଜିକ କାର୍ଯ୍ୟରେ ସକ୍ରିୟ ହେବେ। ସମ୍ମାନ ବୃଦ୍ଧି ପାଇବ। ବ୍ୟବସାୟରେ ନୂଆ ଯୋଜନା ସଫଳ ହେବ। ଖର୍ଚ୍ଚ ବୃଦ୍ଧି ପାଇବ। ଦାମ୍ପତ୍ୟ ଜୀବନରେ ମଧୁରତା ରହିବ। ସନ୍ତାନଙ୍କ ଠାରୁ ଶୁଭ ସମ୍ବାଦ ମିଳିବ।
କନ୍ୟା
♍
କୌଣସି କାମରେ ତ୍ରୁଟି ହୋଇପାରେ, ସାବଧାନ ରୁହନ୍ତୁ। ଧନ ଲାଭର ଯୋଗ ରହିଛି। ସ୍ୱାସ୍ଥ୍ୟ ଉତ୍ତମ ରହିବ। ପରିବାରରେ ମଙ୍ଗଳ କାର୍ଯ୍ୟ ହେବ। ଯାତ୍ରା ଲାଭଦାୟକ ହେବ। ମିତ୍ରଙ୍କ ସହାୟତା ମିଳିବ।
ତୁଳା
♎
ଆଜିର କାର୍ଯ୍ୟକ୍ଷେତ୍ର ଏବଂ ଭାଗ୍ୟଶାଳୀ ଦିନ। ପରିଶ୍ରମର ଫଳ ମିଳିବ। ନୂଆ ସମ୍ପର୍କ ସ୍ଥାପିତ ହେବ। ଅର୍ଥ ସଂକ୍ରାନ୍ତ ସମସ୍ୟା ଦୂର ହେବ। ମାନସିକ ଶାନ୍ତି ମିଳିବ। ଶିକ୍ଷା କ୍ଷେତ୍ରରେ ଉନ୍ନତି ହେବ।
ବିଛା
♏
ଭାବନା ଏବଂ ନିଷ୍ଠାପରତା ପରିବାରିକ ମନ ମିଳିବ। ବ୍ୟବସାୟରେ ଲାଭ ହେବ। ଅଧିକାରୀଙ୍କ ସହଯୋଗ ମିଳିବ। ଯାତ୍ରା ସ୍ଥଗିତ ହୋଇପାରେ। ସ୍ୱାସ୍ଥ୍ୟ ପ୍ରତି ଧ୍ୟାନ ଦିଅନ୍ତୁ। ଦୀର୍ଘଦିନର ସମସ୍ୟା ସମାଧାନ ହେବ।
ଧନୁ
♐
ଆର୍ଥିକ ଦୃଷ୍ଟିରୁ ଦିନଟି ଶୁଭ ରହିବ। ନୂଆ ଯୋଜନା ଆରମ୍ଭ କରିବାକୁ ଉପଯୁକ୍ତ ସମୟ। ପରିବାରରେ ଆନନ୍ଦ ରହିବ। ସନ୍ତାନଙ୍କ ଶିକ୍ଷା ନେଇ ଚିନ୍ତା ଦୂର ହେବ। ବନ୍ଧୁ ସହଯୋଗ ମିଳିବ।
ମକର
♑
ଭାଗ୍ୟର ସହାୟତା ମିଳିବ। ପ୍ରଶାସନିକ କ୍ଷେତ୍ରରେ ସଫଳତା ମିଳିବ। ଆୟ ବୃଦ୍ଧି ହେବ। ଗୃହରେ ମଙ୍ଗଳ କାର୍ଯ୍ୟ ହେବ। ଅନାବଶ୍ୟକ ଖର୍ଚ୍ଚରୁ ଦୂରେଇ ରୁହନ୍ତୁ। ସ୍ୱାସ୍ଥ୍ୟ ଭଲ ରହିବ।
କୁମ୍ଭ
♒
ପୂର୍ବେ ଯୋଜନା କରିଥିବା କାମ ସଫଳ ହେବ। ସାମାଜିକ ସମ୍ମାନ ବୃଦ୍ଧି ପାଇବ। ବ୍ୟବସାୟରେ ଲାଭ ହେବ। ସନ୍ତାନଙ୍କ ଦ୍ୱାରା ସୁଖ ମିଳିବ। ଯାତ୍ରା ଶୁଭ। ମାନସିକ ଚିନ୍ତା ଦୂର ହେବ।
ମୀନ
♓
ଆଜିର ଦିନ ଆନନ୍ଦମୟ ରହିବ। ପ୍ରେମ ସମ୍ପର୍କରେ ମଧୁରତା ଆସିବ। ଅର୍ଥ ଲାଭ ହେବ। ଅଧୂରା କାମ ସମ୍ପୂର୍ଣ୍ଣ ହେବ। ସ୍ୱାସ୍ଥ୍ୟ ଉତ୍ତମ ରହିବ। ନୂଆ ବନ୍ଧୁତା ସ୍ଥାପିତ ହେବ। ଗୁରୁଜନଙ୍କ ଆଶୀର୍ବାଦ ମିଳିବ।
ଆଜି ଡିସେମ୍ବର ୩୦ ତାରିଖ, ମଙ୍ଗଳବାର। ଶୁକ୍ଳପକ୍ଷ ଏକାଦଶୀ। ସୂର୍ଯ୍ୟୋଦୟ ୬.୧୬ ମିନିଟ୍, ସୂର୍ଯ୍ୟାସ୍ତ ୫.୧୬ ମିନିଟ୍। ଚନ୍ଦ୍ରୋଦୟ ଓ ପଞ୍ଚାଙ୍ଗ ଅନୁସାରେ ଶୁଭ ମୁହୂର୍ତ୍ତ ୧୦.୧୪ରୁ ୧୨.୦୬ ପର୍ଯ୍ୟନ୍ତ। ରାହୁକାଳ ୩.୦୦ଠୁ ୪.୩୦ ପର୍ଯ୍ୟନ୍ତ। ଅମୃତ ଯୋଗ ୯.୨୪ରୁ ୧୧.୦୬ ମଧ୍ୟରେ।
